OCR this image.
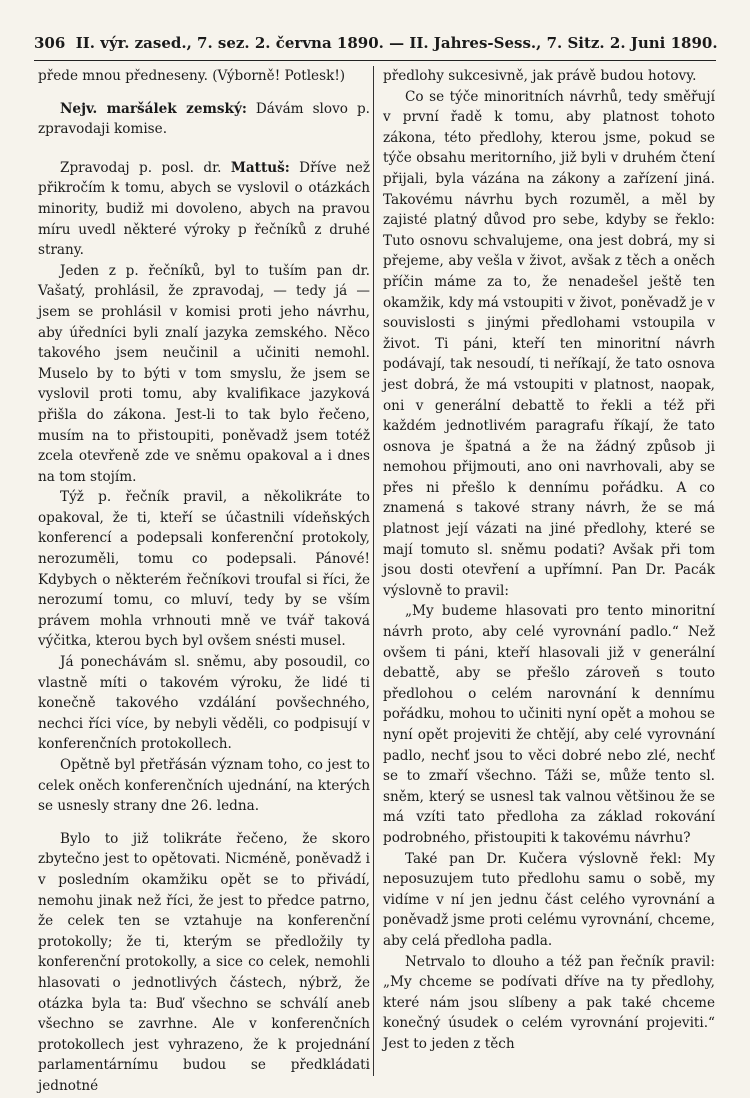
306 II. výr. zased., 7. sez. 2. června 1890. — II. Jahres-Sess., 7. Sitz. 2. Juni 1890.

přede mnou předneseny. (Výborně! Potlesk!)

Nejv. maršálek zemský: Dávám slovo p. zpravodaji komise.

Zpravodaj p. posl. dr. Mattuš: Dříve než přikročím k tomu, abych se vyslovil o otázkách minority, budiž mi dovoleno, abych na pravou míru uvedl některé výroky p řečníků z druhé strany.

Jeden z p. řečníků, byl to tuším pan dr. Vašatý, prohlásil, že zpravodaj, — tedy já — jsem se prohlásil v komisi proti jeho návrhu, aby úředníci byli znalí jazyka zemského. Něco takového jsem neučinil a učiniti nemohl. Muselo by to býti v tom smyslu, že jsem se vyslovil proti tomu, aby kvalifikace jazyková přišla do zákona. Jest-li to tak bylo řečeno, musím na to přistoupiti, poněvadž jsem totéž zcela otevřeně zde ve sněmu opakoval a i dnes na tom stojím.

Týž p. řečník pravil, a několikráte to opakoval, že ti, kteří se účastnili vídeňských konferencí a podepsali konferenční protokoly, nerozuměli, tomu co podepsali. Pánové! Kdybych o některém řečníkovi troufal si říci, že nerozumí tomu, co mluví, tedy by se vším právem mohla vrhnouti mně ve tvář taková výčitka, kterou bych byl ovšem snésti musel.

Já ponechávám sl. sněmu, aby posoudil, co vlastně míti o takovém výroku, že lidé ti konečně takového vzdálání povšechného, nechci říci více, by nebyli věděli, co podpisují v konferenčních protokollech.

Opětně byl přetřásán význam toho, co jest to celek oněch konferenčních ujednání, na kterých se usnesly strany dne 26. ledna.

Bylo to již tolikráte řečeno, že skoro zbytečno jest to opětovati. Nicméně, poněvadž i v posledním okamžiku opět se to přivádí, nemohu jinak než říci, že jest to předce patrno, že celek ten se vztahuje na konferenční protokolly; že ti, kterým se předložily ty konferenční protokolly, a sice co celek, nemohli hlasovati o jednotlivých částech, nýbrž, že otázka byla ta: Buď všechno se schválí aneb všechno se zavrhne. Ale v konferenčních protokollech jest vyhrazeno, že k projednání parlamentárnímu budou se předkládati jednotné

předlohy sukcesivně, jak právě budou hotovy.

Co se týče minoritních návrhů, tedy směřují v první řadě k tomu, aby platnost tohoto zákona, této předlohy, kterou jsme, pokud se týče obsahu meritorního, již byli v druhém čtení přijali, byla vázána na zákony a zařízení jiná. Takovému návrhu bych rozuměl, a měl by zajisté platný důvod pro sebe, kdyby se řeklo: Tuto osnovu schvalujeme, ona jest dobrá, my si přejeme, aby vešla v život, avšak z těch a oněch příčin máme za to, že nenadešel ještě ten okamžik, kdy má vstoupiti v život, poněvadž je v souvislosti s jinými předlohami vstoupila v život. Ti páni, kteří ten minoritní návrh podávají, tak nesoudí, ti neříkají, že tato osnova jest dobrá, že má vstoupiti v platnost, naopak, oni v generální debattě to řekli a též při každém jednotlivém paragrafu říkají, že tato osnova je špatná a že na žádný způsob ji nemohou přijmouti, ano oni navrhovali, aby se přes ni přešlo k dennímu pořádku. A co znamená s takové strany návrh, že se má platnost její vázati na jiné předlohy, které se mají tomuto sl. sněmu podati? Avšak při tom jsou dosti otevření a upřímní. Pan Dr. Pacák výslovně to pravil:

„My budeme hlasovati pro tento minoritní návrh proto, aby celé vyrovnání padlo.“ Než ovšem ti páni, kteří hlasovali již v generální debattě, aby se přešlo zároveň s touto předlohou o celém narovnání k dennímu pořádku, mohou to učiniti nyní opět a mohou se nyní opět projeviti že chtějí, aby celé vyrovnání padlo, nechť jsou to věci dobré nebo zlé, nechť se to zmaří všechno. Táži se, může tento sl. sněm, který se usnesl tak valnou většinou že se má vzíti tato předloha za základ rokování podrobného, přistoupiti k takovému návrhu?

Také pan Dr. Kučera výslovně řekl: My neposuzujem tuto předlohu samu o sobě, my vidíme v ní jen jednu část celého vyrovnání a poněvadž jsme proti celému vyrovnání, chceme, aby celá předloha padla.

Netrvalo to dlouho a též pan řečník pravil: „My chceme se podívati dříve na ty předlohy, které nám jsou slíbeny a pak také chceme konečný úsudek o celém vyrovnání projeviti.“ Jest to jeden z těch
